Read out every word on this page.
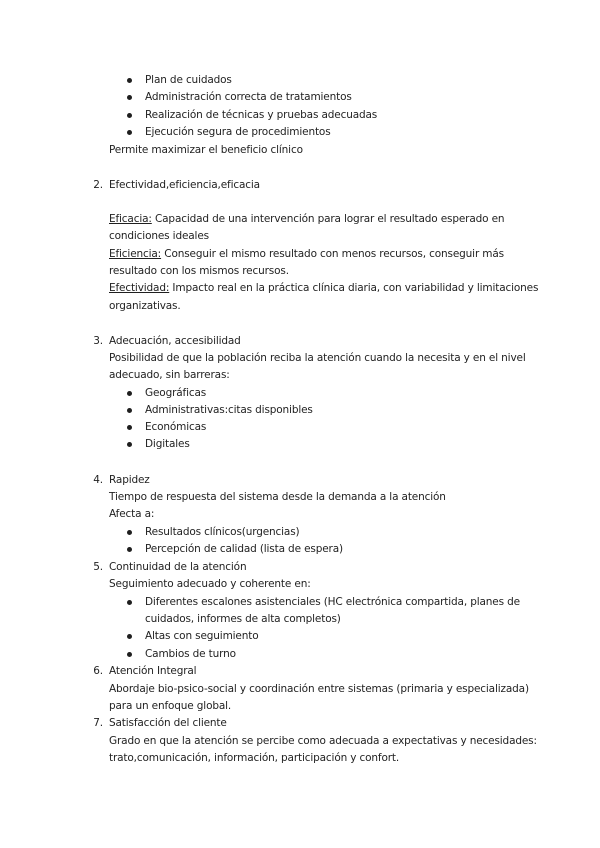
Plan de cuidados
Administración correcta de tratamientos
Realización de técnicas y pruebas adecuadas
Ejecución segura de procedimientos
Permite maximizar el beneficio clínico
2. Efectividad,eficiencia,eficacia
Eficacia: Capacidad de una intervención para lograr el resultado esperado en
condiciones ideales
Eficiencia: Conseguir el mismo resultado con menos recursos, conseguir más
resultado con los mismos recursos.
Efectividad: Impacto real en la práctica clínica diaria, con variabilidad y limitaciones
organizativas.
3. Adecuación, accesibilidad
Posibilidad de que la población reciba la atención cuando la necesita y en el nivel
adecuado, sin barreras:
Geográficas
Administrativas:citas disponibles
Económicas
Digitales
4. Rapidez
Tiempo de respuesta del sistema desde la demanda a la atención
Afecta a:
Resultados clínicos(urgencias)
Percepción de calidad (lista de espera)
5. Continuidad de la atención
Seguimiento adecuado y coherente en:
Diferentes escalones asistenciales (HC electrónica compartida, planes de
cuidados, informes de alta completos)
Altas con seguimiento
Cambios de turno
6. Atención Integral
Abordaje bio-psico-social y coordinación entre sistemas (primaria y especializada)
para un enfoque global.
7. Satisfacción del cliente
Grado en que la atención se percibe como adecuada a expectativas y necesidades:
trato,comunicación, información, participación y confort.
